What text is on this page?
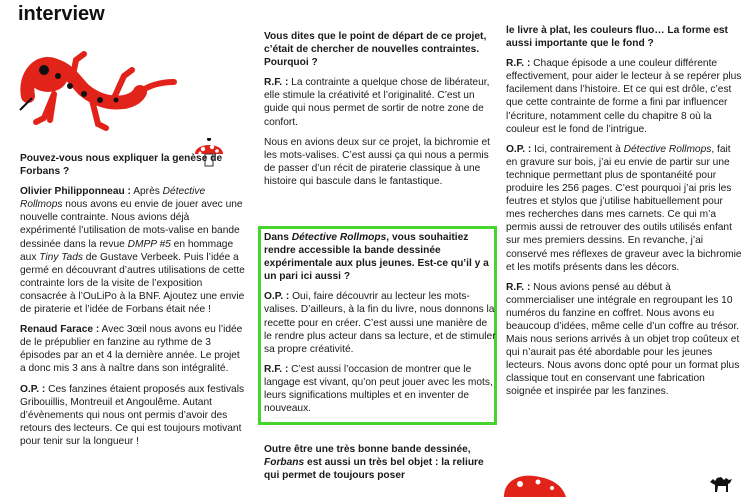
interview

Pouvez-vous nous expliquer la genèse de Forbans ?

Olivier Philipponneau : Après Détective Rollmops nous avons eu envie de jouer avec une nouvelle contrainte. Nous avions déjà expérimenté l’utilisation de mots-valise en bande dessinée dans la revue DMPP #5 en hommage aux Tiny Tads de Gustave Verbeek. Puis l’idée a germé en découvrant d’autres utilisations de cette contrainte lors de la visite de l’exposition consacrée à l’OuLiPo à la BNF. Ajoutez une envie de piraterie et l’idée de Forbans était née !

Renaud Farace : Avec 3œil nous avons eu l’idée de le prépublier en fanzine au rythme de 3 épisodes par an et 4 la dernière année. Le projet a donc mis 3 ans à naître dans son intégralité.

O.P. : Ces fanzines étaient proposés aux festivals Gribouillis, Montreuil et Angoulême. Autant d’évènements qui nous ont permis d’avoir des retours des lecteurs. Ce qui est toujours motivant pour tenir sur la longueur !

Vous dites que le point de départ de ce projet, c’était de chercher de nouvelles contraintes. Pourquoi ?

R.F. : La contrainte a quelque chose de libérateur, elle stimule la créativité et l’originalité. C’est un guide qui nous permet de sortir de notre zone de confort.

Nous en avions deux sur ce projet, la bichromie et les mots-valises. C’est aussi ça qui nous a permis de passer d’un récit de piraterie classique à une histoire qui bascule dans le fantastique.

Dans Détective Rollmops, vous souhaitiez rendre accessible la bande dessinée expérimentale aux plus jeunes. Est-ce qu’il y a un pari ici aussi ?

O.P. : Oui, faire découvrir au lecteur les mots-valises. D’ailleurs, à la fin du livre, nous donnons la recette pour en créer. C’est aussi une manière de le rendre plus acteur dans sa lecture, et de stimuler sa propre créativité.

R.F. : C’est aussi l’occasion de montrer que le langage est vivant, qu’on peut jouer avec les mots, leurs significations multiples et en inventer de nouveaux.

Outre être une très bonne bande dessinée, Forbans est aussi un très bel objet : la reliure qui permet de toujours poser

le livre à plat, les couleurs fluo… La forme est aussi importante que le fond ?

R.F. : Chaque épisode a une couleur différente effectivement, pour aider le lecteur à se repérer plus facilement dans l’histoire. Et ce qui est drôle, c’est que cette contrainte de forme a fini par influencer l’écriture, notamment celle du chapitre 8 où la couleur est le fond de l’intrigue.

O.P. : Ici, contrairement à Détective Rollmops, fait en gravure sur bois, j’ai eu envie de partir sur une technique permettant plus de spontanéité pour produire les 256 pages. C’est pourquoi j’ai pris les feutres et stylos que j’utilise habituellement pour mes recherches dans mes carnets. Ce qui m’a permis aussi de retrouver des outils utilisés enfant sur mes premiers dessins. En revanche, j’ai conservé mes réflexes de graveur avec la bichromie et les motifs présents dans les décors.

R.F. : Nous avions pensé au début à commercialiser une intégrale en regroupant les 10 numéros du fanzine en coffret. Nous avons eu beaucoup d’idées, même celle d’un coffre au trésor. Mais nous serions arrivés à un objet trop coûteux et qui n’aurait pas été abordable pour les jeunes lecteurs. Nous avons donc opté pour un format plus classique tout en conservant une fabrication soignée et inspirée par les fanzines.
